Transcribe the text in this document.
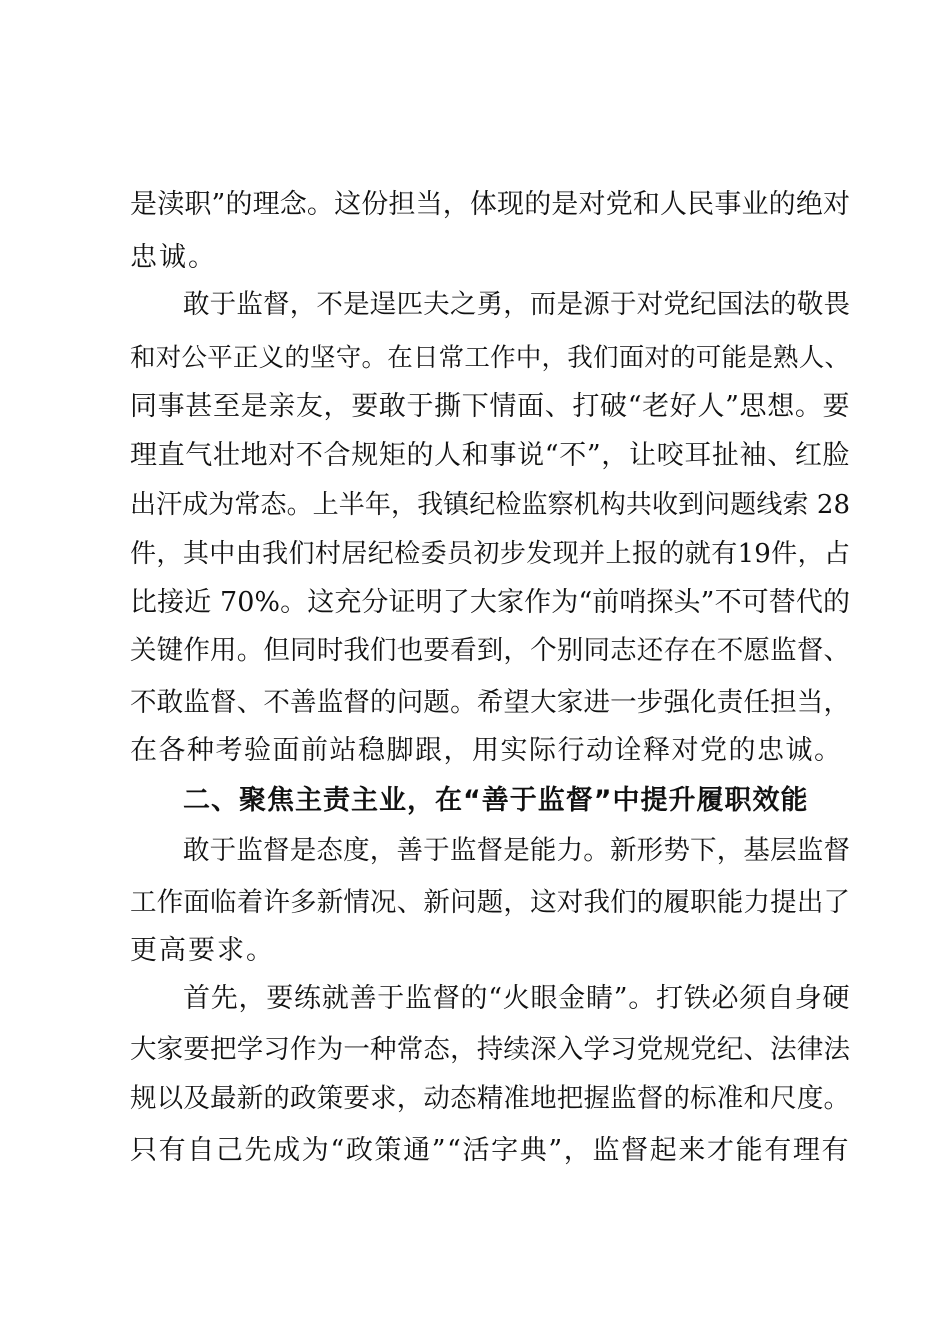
是渎职”的理念。这份担当，体现的是对党和人民事业的绝对
忠诚。
敢于监督，不是逞匹夫之勇，而是源于对党纪国法的敬畏
和对公平正义的坚守。在日常工作中，我们面对的可能是熟人、
同事甚至是亲友，要敢于撕下情面、打破“老好人”思想。要
理直气壮地对不合规矩的人和事说“不”，让咬耳扯袖、红脸
出汗成为常态。上半年，我镇纪检监察机构共收到问题线索 28
件，其中由我们村居纪检委员初步发现并上报的就有19件，占
比接近 70%。这充分证明了大家作为“前哨探头”不可替代的
关键作用。但同时我们也要看到，个别同志还存在不愿监督、
不敢监督、不善监督的问题。希望大家进一步强化责任担当，
在各种考验面前站稳脚跟，用实际行动诠释对党的忠诚。
二、聚焦主责主业，在“善于监督”中提升履职效能
敢于监督是态度，善于监督是能力。新形势下，基层监督
工作面临着许多新情况、新问题，这对我们的履职能力提出了
更高要求。
首先，要练就善于监督的“火眼金睛”。打铁必须自身硬
大家要把学习作为一种常态，持续深入学习党规党纪、法律法
规以及最新的政策要求，动态精准地把握监督的标准和尺度。
只有自己先成为“政策通”“活字典”，监督起来才能有理有
